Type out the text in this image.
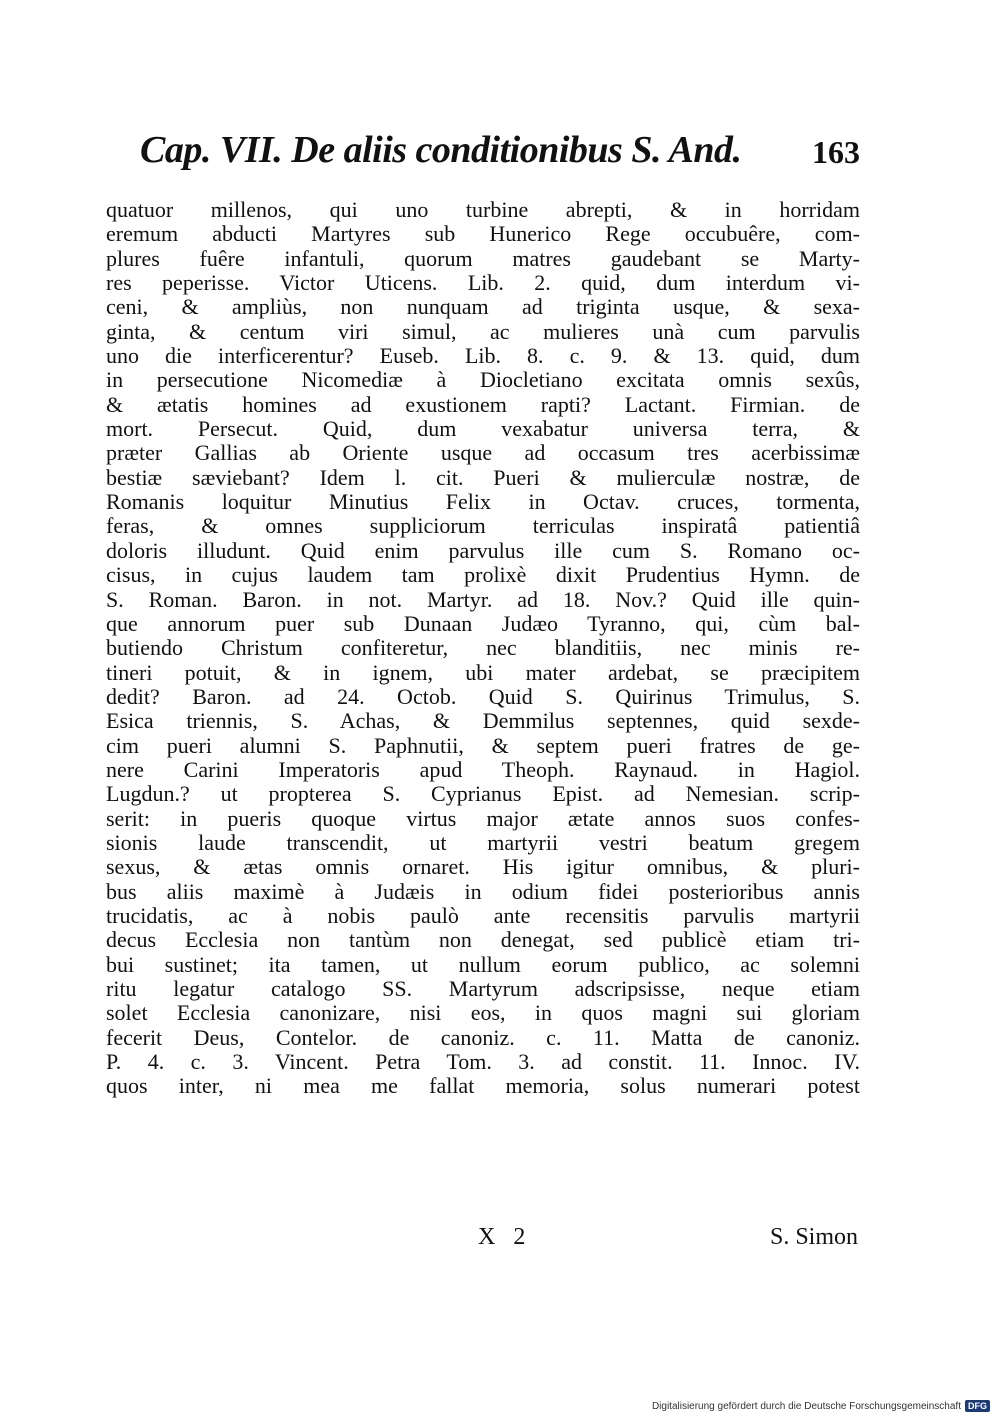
Cap. VII. De aliis conditionibus S. And. 163
quatuor millenos, qui uno turbine abrepti, & in horridam
eremum abducti Martyres sub Hunerico Rege occubuêre, com-
plures fuêre infantuli, quorum matres gaudebant se Marty-
res peperisse. Victor Uticens. Lib. 2. quid, dum interdum vi-
ceni, & ampliùs, non nunquam ad triginta usque, & sexa-
ginta, & centum viri simul, ac mulieres unà cum parvulis
uno die interficerentur? Euseb. Lib. 8. c. 9. & 13. quid, dum
in persecutione Nicomediæ à Diocletiano excitata omnis sexûs,
& ætatis homines ad exustionem rapti? Lactant. Firmian. de
mort. Persecut. Quid, dum vexabatur universa terra, &
præter Gallias ab Oriente usque ad occasum tres acerbissimæ
bestiæ sæviebant? Idem l. cit. Pueri & mulierculæ nostræ, de
Romanis loquitur Minutius Felix in Octav. cruces, tormenta,
feras, & omnes suppliciorum terriculas inspiratâ patientiâ
doloris illudunt. Quid enim parvulus ille cum S. Romano oc-
cisus, in cujus laudem tam prolixè dixit Prudentius Hymn. de
S. Roman. Baron. in not. Martyr. ad 18. Nov.? Quid ille quin-
que annorum puer sub Dunaan Judæo Tyranno, qui, cùm bal-
butiendo Christum confiteretur, nec blanditiis, nec minis re-
tineri potuit, & in ignem, ubi mater ardebat, se præcipitem
dedit? Baron. ad 24. Octob. Quid S. Quirinus Trimulus, S.
Esica triennis, S. Achas, & Demmilus septennes, quid sexde-
cim pueri alumni S. Paphnutii, & septem pueri fratres de ge-
nere Carini Imperatoris apud Theoph. Raynaud. in Hagiol.
Lugdun.? ut propterea S. Cyprianus Epist. ad Nemesian. scrip-
serit: in pueris quoque virtus major ætate annos suos confes-
sionis laude transcendit, ut martyrii vestri beatum gregem
sexus, & ætas omnis ornaret. His igitur omnibus, & pluri-
bus aliis maximè à Judæis in odium fidei posterioribus annis
trucidatis, ac à nobis paulò ante recensitis parvulis martyrii
decus Ecclesia non tantùm non denegat, sed publicè etiam tri-
bui sustinet; ita tamen, ut nullum eorum publico, ac solemni
ritu legatur catalogo SS. Martyrum adscripsisse, neque etiam
solet Ecclesia canonizare, nisi eos, in quos magni sui gloriam
fecerit Deus, Contelor. de canoniz. c. 11. Matta de canoniz.
P. 4. c. 3. Vincent. Petra Tom. 3. ad constit. 11. Innoc. IV.
quos inter, ni mea me fallat memoria, solus numerari potest
X 2	S. Simon
Digitalisierung gefördert durch die Deutsche Forschungsgemeinschaft DFG
